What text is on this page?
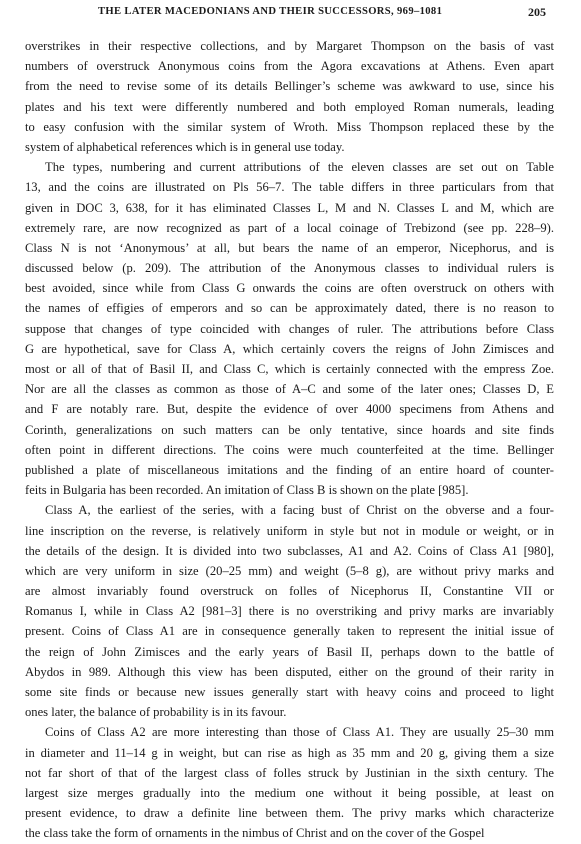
THE LATER MACEDONIANS AND THEIR SUCCESSORS, 969–1081	205
overstrikes in their respective collections, and by Margaret Thompson on the basis of vast
numbers of overstruck Anonymous coins from the Agora excavations at Athens. Even apart
from the need to revise some of its details Bellinger’s scheme was awkward to use, since his
plates and his text were differently numbered and both employed Roman numerals, leading
to easy confusion with the similar system of Wroth. Miss Thompson replaced these by the
system of alphabetical references which is in general use today.
The types, numbering and current attributions of the eleven classes are set out on Table
13, and the coins are illustrated on Pls 56–7. The table differs in three particulars from that
given in DOC 3, 638, for it has eliminated Classes L, M and N. Classes L and M, which are
extremely rare, are now recognized as part of a local coinage of Trebizond (see pp. 228–9).
Class N is not ‘Anonymous’ at all, but bears the name of an emperor, Nicephorus, and is
discussed below (p. 209). The attribution of the Anonymous classes to individual rulers is
best avoided, since while from Class G onwards the coins are often overstruck on others with
the names of effigies of emperors and so can be approximately dated, there is no reason to
suppose that changes of type coincided with changes of ruler. The attributions before Class
G are hypothetical, save for Class A, which certainly covers the reigns of John Zimisces and
most or all of that of Basil II, and Class C, which is certainly connected with the empress Zoe.
Nor are all the classes as common as those of A–C and some of the later ones; Classes D, E
and F are notably rare. But, despite the evidence of over 4000 specimens from Athens and
Corinth, generalizations on such matters can be only tentative, since hoards and site finds
often point in different directions. The coins were much counterfeited at the time. Bellinger
published a plate of miscellaneous imitations and the finding of an entire hoard of counter-
feits in Bulgaria has been recorded. An imitation of Class B is shown on the plate [985].
Class A, the earliest of the series, with a facing bust of Christ on the obverse and a four-
line inscription on the reverse, is relatively uniform in style but not in module or weight, or in
the details of the design. It is divided into two subclasses, A1 and A2. Coins of Class A1 [980],
which are very uniform in size (20–25 mm) and weight (5–8 g), are without privy marks and
are almost invariably found overstruck on folles of Nicephorus II, Constantine VII or
Romanus I, while in Class A2 [981–3] there is no overstriking and privy marks are invariably
present. Coins of Class A1 are in consequence generally taken to represent the initial issue of
the reign of John Zimisces and the early years of Basil II, perhaps down to the battle of
Abydos in 989. Although this view has been disputed, either on the ground of their rarity in
some site finds or because new issues generally start with heavy coins and proceed to light
ones later, the balance of probability is in its favour.
Coins of Class A2 are more interesting than those of Class A1. They are usually 25–30 mm
in diameter and 11–14 g in weight, but can rise as high as 35 mm and 20 g, giving them a size
not far short of that of the largest class of folles struck by Justinian in the sixth century. The
largest size merges gradually into the medium one without it being possible, at least on
present evidence, to draw a definite line between them. The privy marks which characterize
the class take the form of ornaments in the nimbus of Christ and on the cover of the Gospel
